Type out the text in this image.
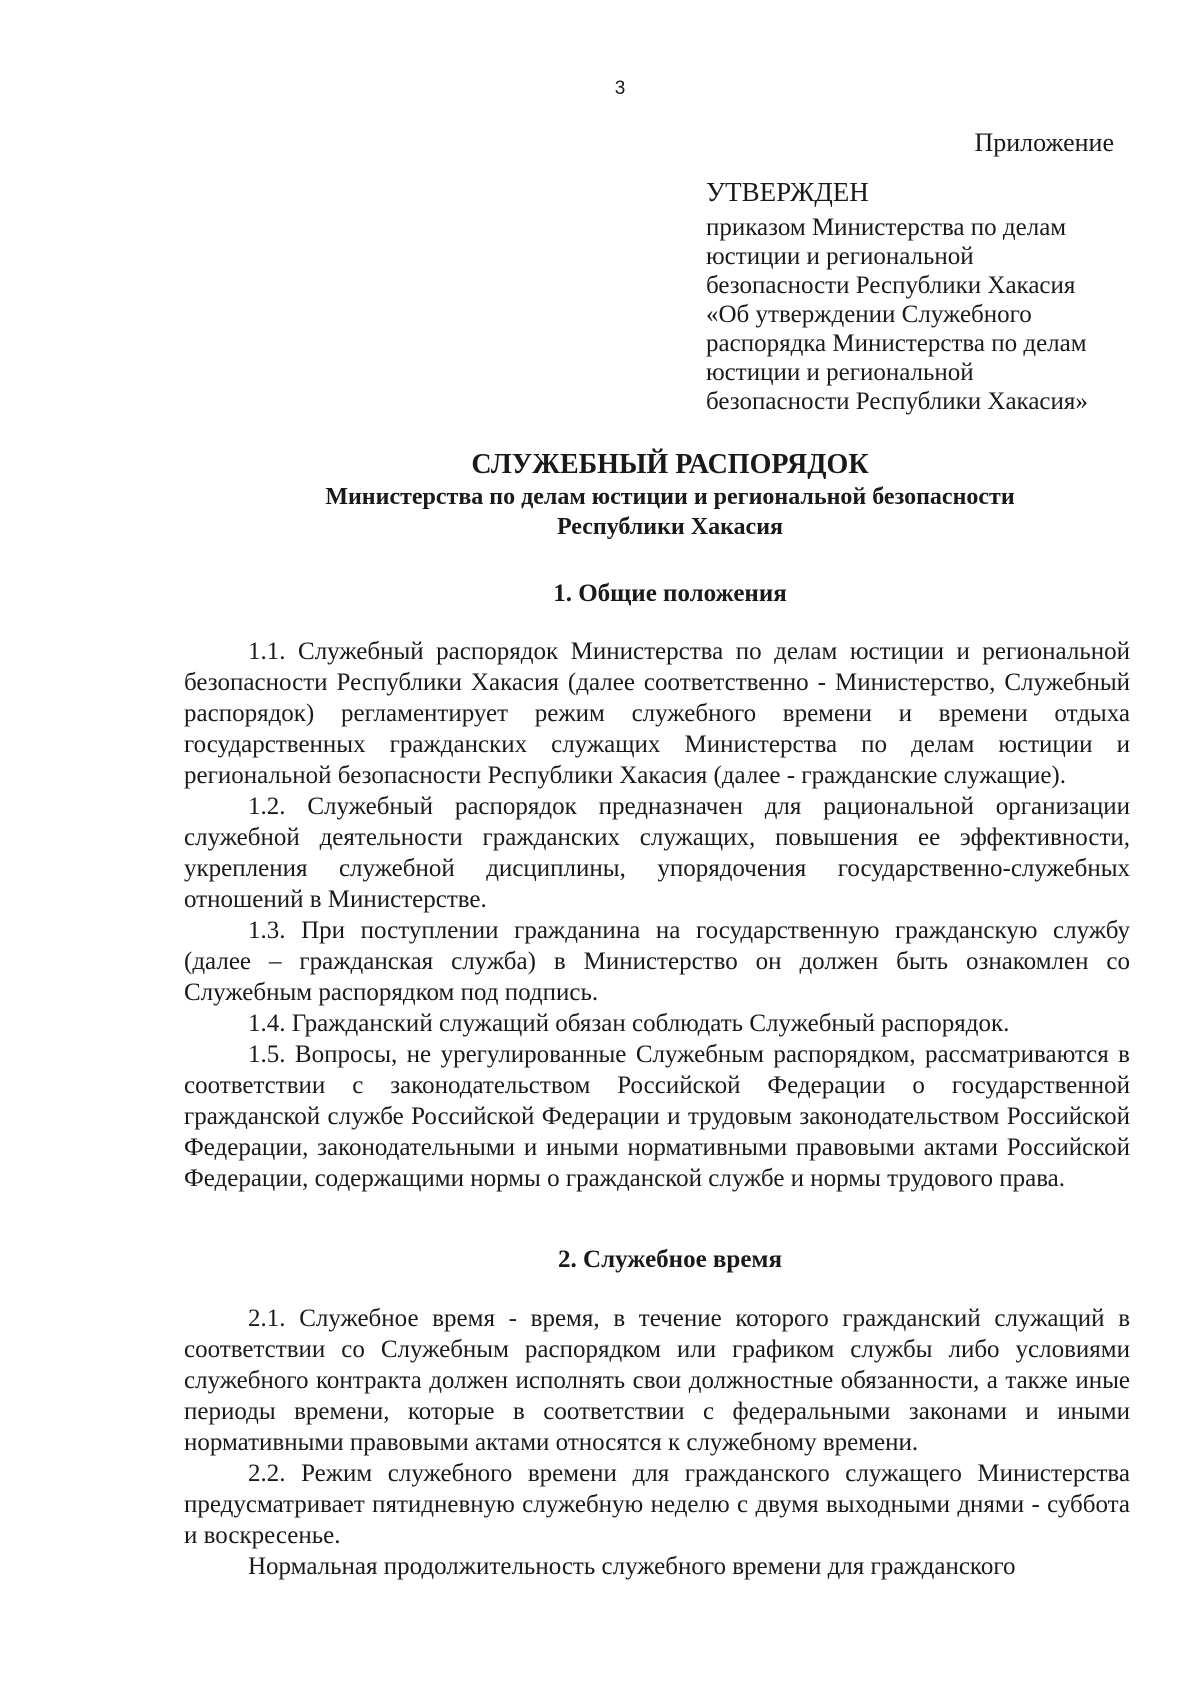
3
Приложение
УТВЕРЖДЕН
приказом Министерства по делам
юстиции и региональной
безопасности Республики Хакасия
«Об утверждении Служебного
распорядка Министерства по делам
юстиции и региональной
безопасности Республики Хакасия»
СЛУЖЕБНЫЙ РАСПОРЯДОК
Министерства по делам юстиции и региональной безопасности
Республики Хакасия
1. Общие положения

1.1. Служебный распорядок Министерства по делам юстиции и региональной безопасности Республики Хакасия (далее соответственно - Министерство, Служебный распорядок) регламентирует режим служебного времени и времени отдыха государственных гражданских служащих Министерства по делам юстиции и региональной безопасности Республики Хакасия (далее - гражданские служащие).

1.2. Служебный распорядок предназначен для рациональной организации служебной деятельности гражданских служащих, повышения ее эффективности, укрепления служебной дисциплины, упорядочения государственно-служебных отношений в Министерстве.

1.3. При поступлении гражданина на государственную гражданскую службу (далее – гражданская служба) в Министерство он должен быть ознакомлен со Служебным распорядком под подпись.

1.4. Гражданский служащий обязан соблюдать Служебный распорядок.

1.5. Вопросы, не урегулированные Служебным распорядком, рассматриваются в соответствии с законодательством Российской Федерации о государственной гражданской службе Российской Федерации и трудовым законодательством Российской Федерации, законодательными и иными нормативными правовыми актами Российской Федерации, содержащими нормы о гражданской службе и нормы трудового права.

2. Служебное время

2.1. Служебное время - время, в течение которого гражданский служащий в соответствии со Служебным распорядком или графиком службы либо условиями служебного контракта должен исполнять свои должностные обязанности, а также иные периоды времени, которые в соответствии с федеральными законами и иными нормативными правовыми актами относятся к служебному времени.

2.2. Режим служебного времени для гражданского служащего Министерства предусматривает пятидневную служебную неделю с двумя выходными днями - суббота и воскресенье.

Нормальная продолжительность служебного времени для гражданского
